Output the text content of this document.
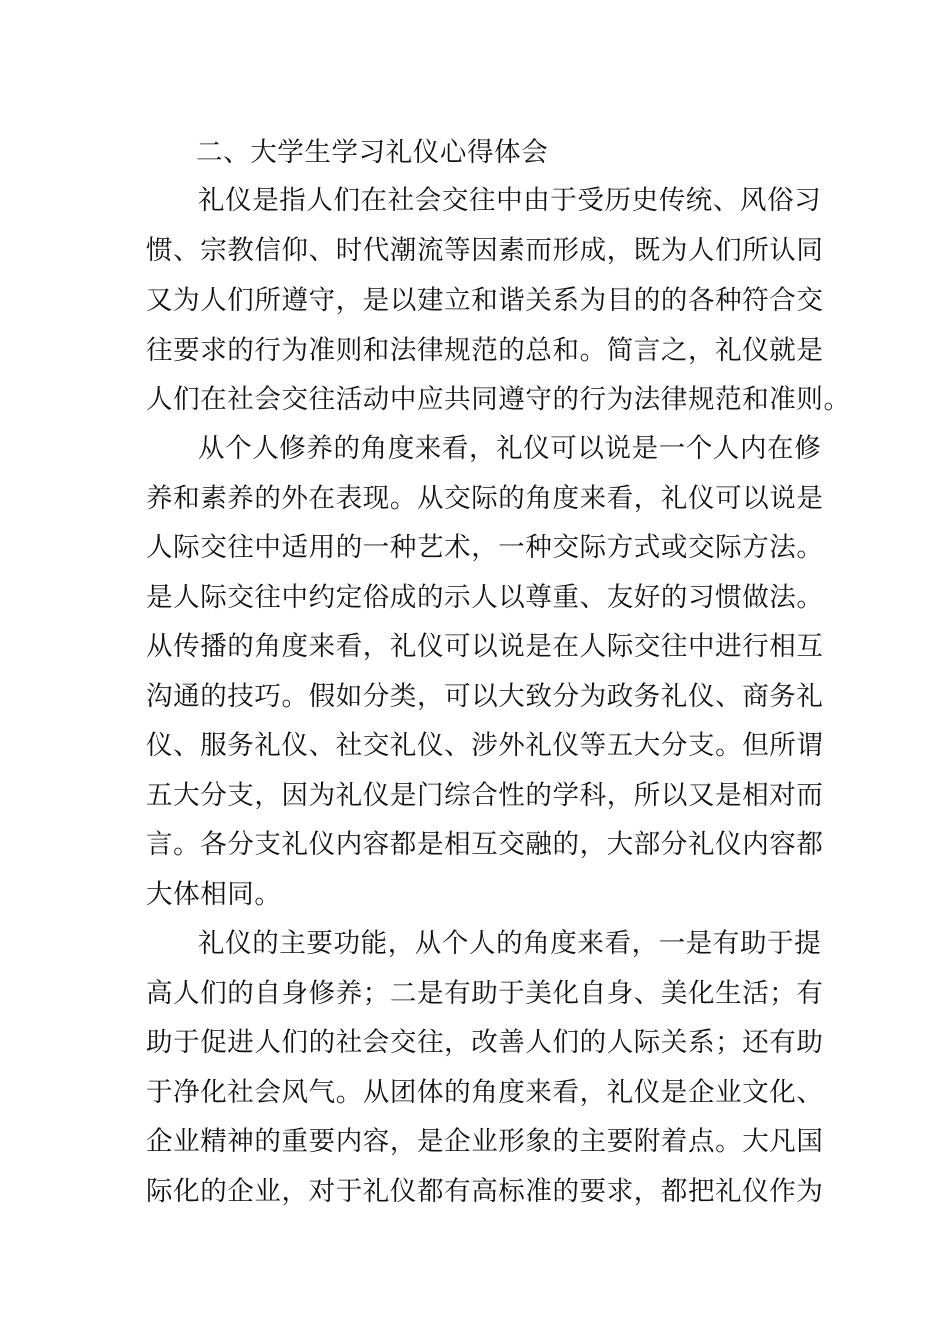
二、大学生学习礼仪心得体会
礼仪是指人们在社会交往中由于受历史传统、风俗习
惯、宗教信仰、时代潮流等因素而形成，既为人们所认同
又为人们所遵守，是以建立和谐关系为目的的各种符合交
往要求的行为准则和法律规范的总和。简言之，礼仪就是
人们在社会交往活动中应共同遵守的行为法律规范和准则。
从个人修养的角度来看，礼仪可以说是一个人内在修
养和素养的外在表现。从交际的角度来看，礼仪可以说是
人际交往中适用的一种艺术，一种交际方式或交际方法。
是人际交往中约定俗成的示人以尊重、友好的习惯做法。
从传播的角度来看，礼仪可以说是在人际交往中进行相互
沟通的技巧。假如分类，可以大致分为政务礼仪、商务礼
仪、服务礼仪、社交礼仪、涉外礼仪等五大分支。但所谓
五大分支，因为礼仪是门综合性的学科，所以又是相对而
言。各分支礼仪内容都是相互交融的，大部分礼仪内容都
大体相同。
礼仪的主要功能，从个人的角度来看，一是有助于提
高人们的自身修养；二是有助于美化自身、美化生活；有
助于促进人们的社会交往，改善人们的人际关系；还有助
于净化社会风气。从团体的角度来看，礼仪是企业文化、
企业精神的重要内容，是企业形象的主要附着点。大凡国
际化的企业，对于礼仪都有高标准的要求，都把礼仪作为
